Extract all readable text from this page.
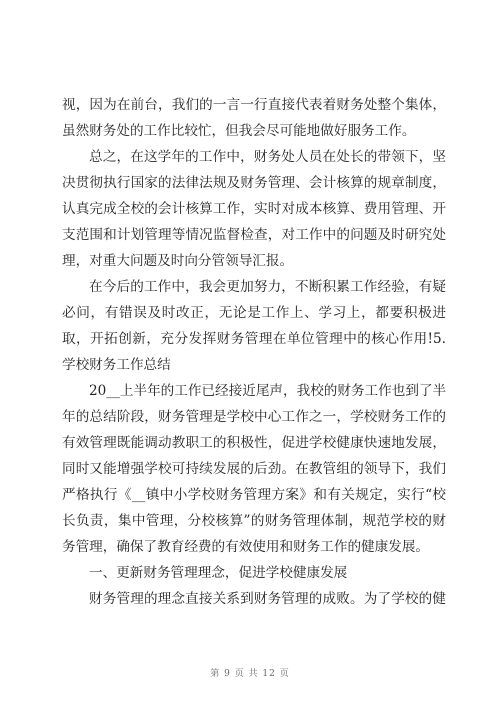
视，因为在前台，我们的一言一行直接代表着财务处整个集体，
虽然财务处的工作比较忙，但我会尽可能地做好服务工作。
总之，在这学年的工作中，财务处人员在处长的带领下，坚
决贯彻执行国家的法律法规及财务管理、会计核算的规章制度，
认真完成全校的会计核算工作，实时对成本核算、费用管理、开
支范围和计划管理等情况监督检查，对工作中的问题及时研究处
理，对重大问题及时向分管领导汇报。
在今后的工作中，我会更加努力，不断积累工作经验，有疑
必问，有错误及时改正，无论是工作上、学习上，都要积极进
取，开拓创新，充分发挥财务管理在单位管理中的核心作用!5.
学校财务工作总结
20__上半年的工作已经接近尾声，我校的财务工作也到了半
年的总结阶段，财务管理是学校中心工作之一，学校财务工作的
有效管理既能调动教职工的积极性，促进学校健康快速地发展，
同时又能增强学校可持续发展的后劲。在教管组的领导下，我们
严格执行《__镇中小学校财务管理方案》和有关规定，实行“校
长负责，集中管理，分校核算”的财务管理体制，规范学校的财
务管理，确保了教育经费的有效使用和财务工作的健康发展。
一、更新财务管理理念，促进学校健康发展
财务管理的理念直接关系到财务管理的成败。为了学校的健
第 9 页 共 12 页
